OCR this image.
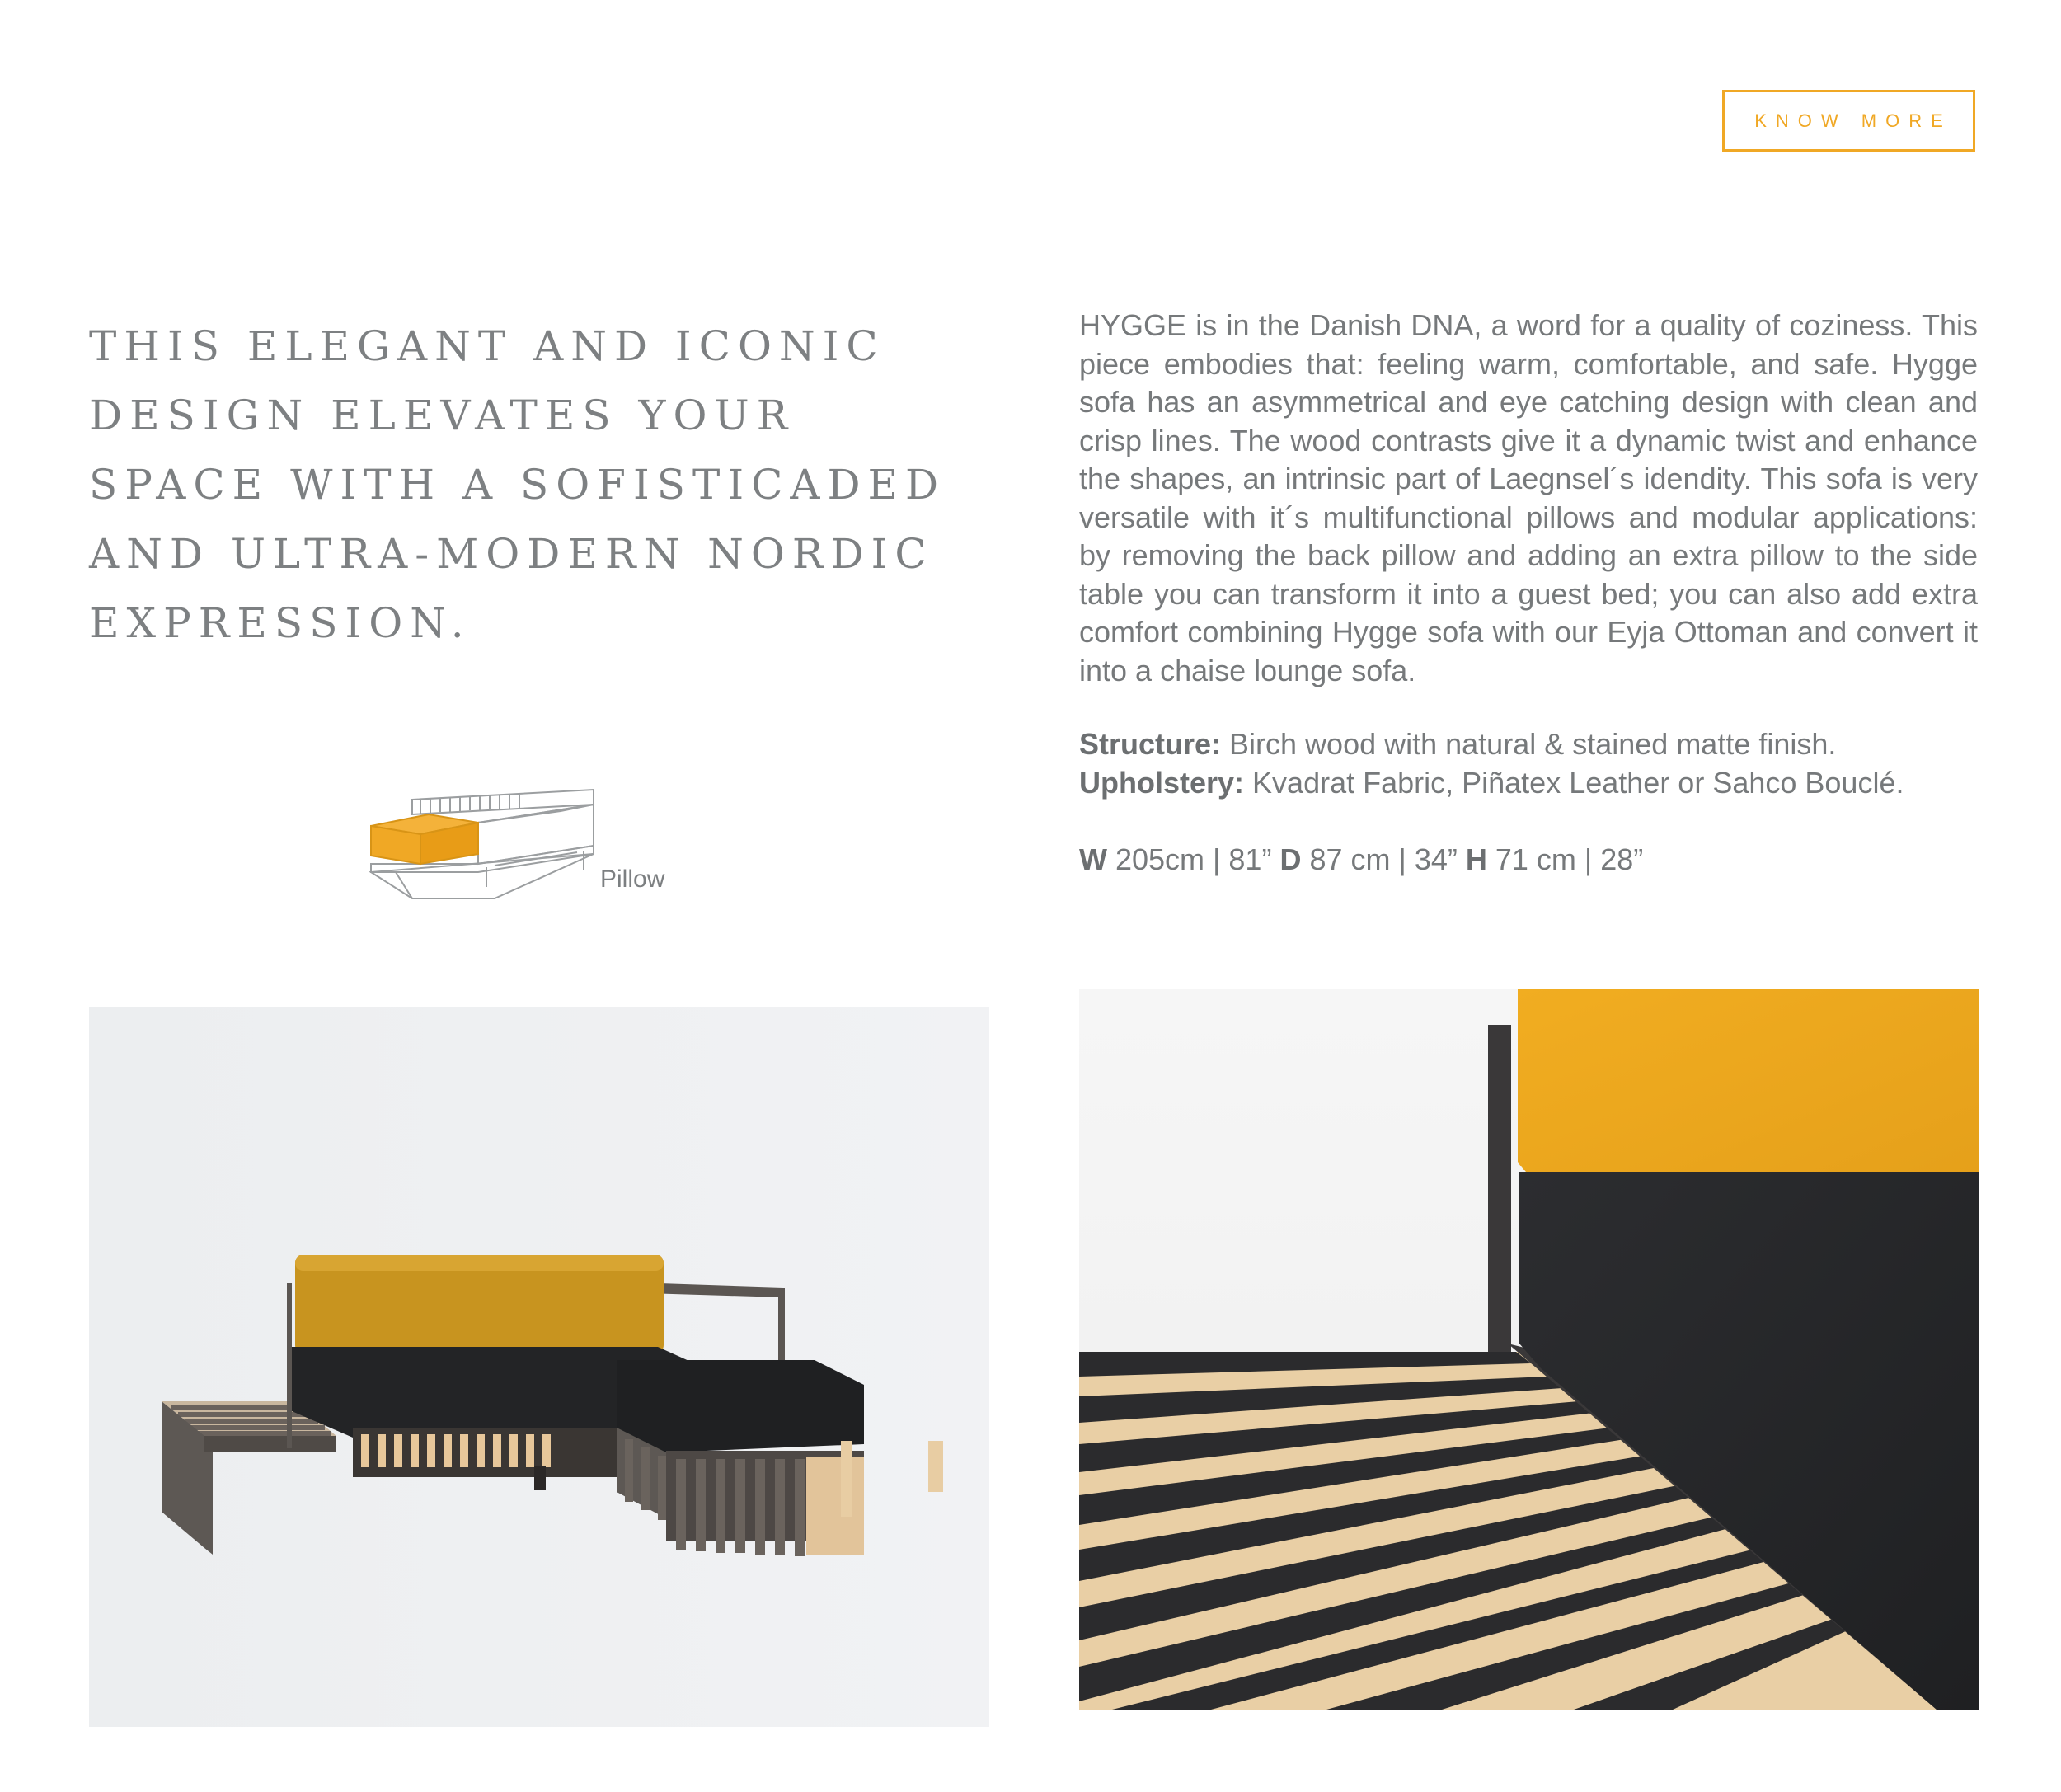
KNOW MORE
THIS ELEGANT AND ICONIC DESIGN ELEVATES YOUR SPACE WITH A SOFISTICADED AND ULTRA-MODERN NORDIC EXPRESSION.

HYGGE is in the Danish DNA, a word for a quality of coziness. This piece embodies that: feeling warm, comfortable, and safe. Hygge sofa has an asymmetrical and eye catching design with clean and crisp lines. The wood contrasts give it a dynamic twist and enhance the shapes, an intrinsic part of Laegnsel´s idendity. This sofa is very versatile with it´s multifunctional pillows and modular applications: by removing the back pillow and adding an extra pillow to the side table you can transform it into a guest bed; you can also add extra comfort combining Hygge sofa with our Eyja Ottoman and convert it into a chaise lounge sofa.

Structure: Birch wood with natural & stained matte finish.
Upholstery: Kvadrat Fabric, Piñatex Leather or Sahco Bouclé.
W 205cm | 81” D 87 cm | 34” H 71 cm | 28”
Pillow
